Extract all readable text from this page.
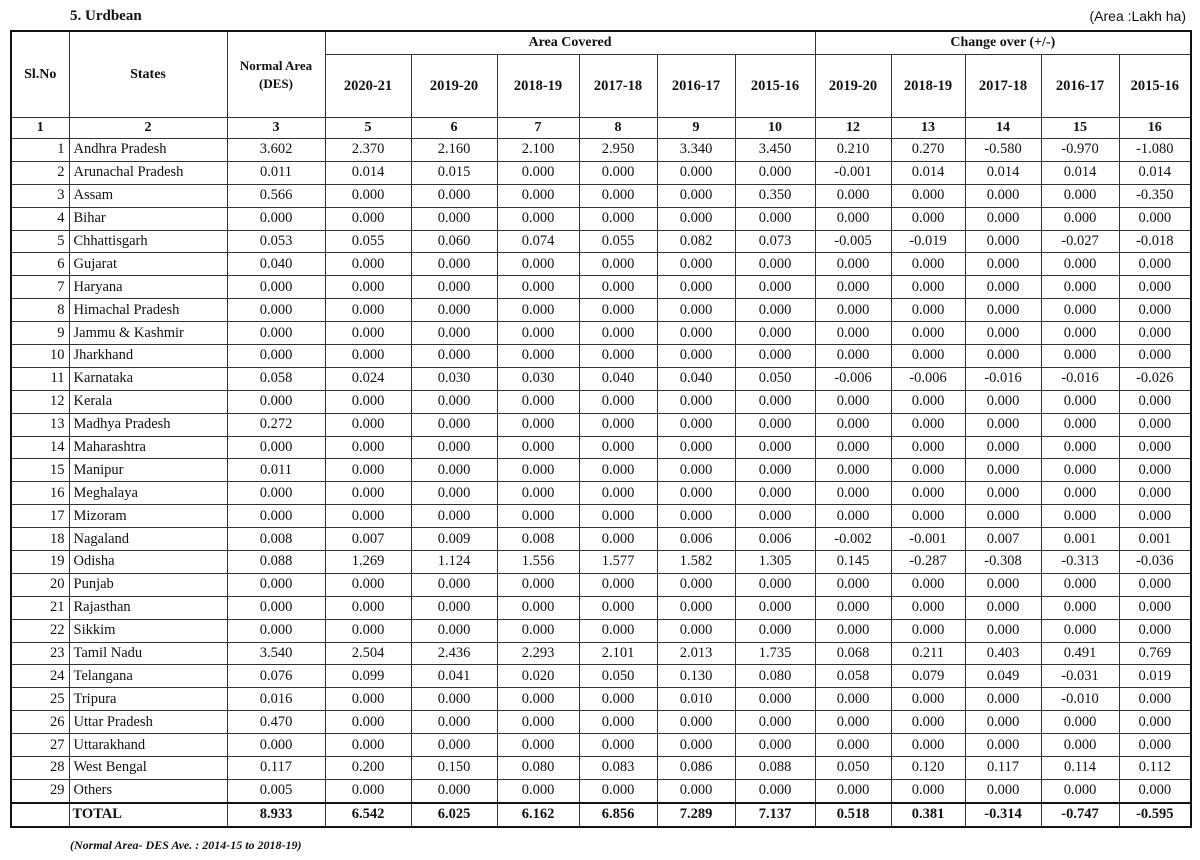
5. Urdbean	(Area :Lakh ha)
Sl.No	States	Normal Area (DES)	Area Covered						Change over (+/-)				
			2020-21	2019-20	2018-19	2017-18	2016-17	2015-16	2019-20	2018-19	2017-18	2016-17	2015-16
1	2	3	5	6	7	8	9	10	12	13	14	15	16
1	Andhra Pradesh	3.602	2.370	2.160	2.100	2.950	3.340	3.450	0.210	0.270	-0.580	-0.970	-1.080
2	Arunachal Pradesh	0.011	0.014	0.015	0.000	0.000	0.000	0.000	-0.001	0.014	0.014	0.014	0.014
3	Assam	0.566	0.000	0.000	0.000	0.000	0.000	0.350	0.000	0.000	0.000	0.000	-0.350
4	Bihar	0.000	0.000	0.000	0.000	0.000	0.000	0.000	0.000	0.000	0.000	0.000	0.000
5	Chhattisgarh	0.053	0.055	0.060	0.074	0.055	0.082	0.073	-0.005	-0.019	0.000	-0.027	-0.018
6	Gujarat	0.040	0.000	0.000	0.000	0.000	0.000	0.000	0.000	0.000	0.000	0.000	0.000
7	Haryana	0.000	0.000	0.000	0.000	0.000	0.000	0.000	0.000	0.000	0.000	0.000	0.000
8	Himachal Pradesh	0.000	0.000	0.000	0.000	0.000	0.000	0.000	0.000	0.000	0.000	0.000	0.000
9	Jammu & Kashmir	0.000	0.000	0.000	0.000	0.000	0.000	0.000	0.000	0.000	0.000	0.000	0.000
10	Jharkhand	0.000	0.000	0.000	0.000	0.000	0.000	0.000	0.000	0.000	0.000	0.000	0.000
11	Karnataka	0.058	0.024	0.030	0.030	0.040	0.040	0.050	-0.006	-0.006	-0.016	-0.016	-0.026
12	Kerala	0.000	0.000	0.000	0.000	0.000	0.000	0.000	0.000	0.000	0.000	0.000	0.000
13	Madhya Pradesh	0.272	0.000	0.000	0.000	0.000	0.000	0.000	0.000	0.000	0.000	0.000	0.000
14	Maharashtra	0.000	0.000	0.000	0.000	0.000	0.000	0.000	0.000	0.000	0.000	0.000	0.000
15	Manipur	0.011	0.000	0.000	0.000	0.000	0.000	0.000	0.000	0.000	0.000	0.000	0.000
16	Meghalaya	0.000	0.000	0.000	0.000	0.000	0.000	0.000	0.000	0.000	0.000	0.000	0.000
17	Mizoram	0.000	0.000	0.000	0.000	0.000	0.000	0.000	0.000	0.000	0.000	0.000	0.000
18	Nagaland	0.008	0.007	0.009	0.008	0.000	0.006	0.006	-0.002	-0.001	0.007	0.001	0.001
19	Odisha	0.088	1.269	1.124	1.556	1.577	1.582	1.305	0.145	-0.287	-0.308	-0.313	-0.036
20	Punjab	0.000	0.000	0.000	0.000	0.000	0.000	0.000	0.000	0.000	0.000	0.000	0.000
21	Rajasthan	0.000	0.000	0.000	0.000	0.000	0.000	0.000	0.000	0.000	0.000	0.000	0.000
22	Sikkim	0.000	0.000	0.000	0.000	0.000	0.000	0.000	0.000	0.000	0.000	0.000	0.000
23	Tamil Nadu	3.540	2.504	2.436	2.293	2.101	2.013	1.735	0.068	0.211	0.403	0.491	0.769
24	Telangana	0.076	0.099	0.041	0.020	0.050	0.130	0.080	0.058	0.079	0.049	-0.031	0.019
25	Tripura	0.016	0.000	0.000	0.000	0.000	0.010	0.000	0.000	0.000	0.000	-0.010	0.000
26	Uttar Pradesh	0.470	0.000	0.000	0.000	0.000	0.000	0.000	0.000	0.000	0.000	0.000	0.000
27	Uttarakhand	0.000	0.000	0.000	0.000	0.000	0.000	0.000	0.000	0.000	0.000	0.000	0.000
28	West Bengal	0.117	0.200	0.150	0.080	0.083	0.086	0.088	0.050	0.120	0.117	0.114	0.112
29	Others	0.005	0.000	0.000	0.000	0.000	0.000	0.000	0.000	0.000	0.000	0.000	0.000
	TOTAL	8.933	6.542	6.025	6.162	6.856	7.289	7.137	0.518	0.381	-0.314	-0.747	-0.595
(Normal Area- DES Ave. : 2014-15 to 2018-19)
